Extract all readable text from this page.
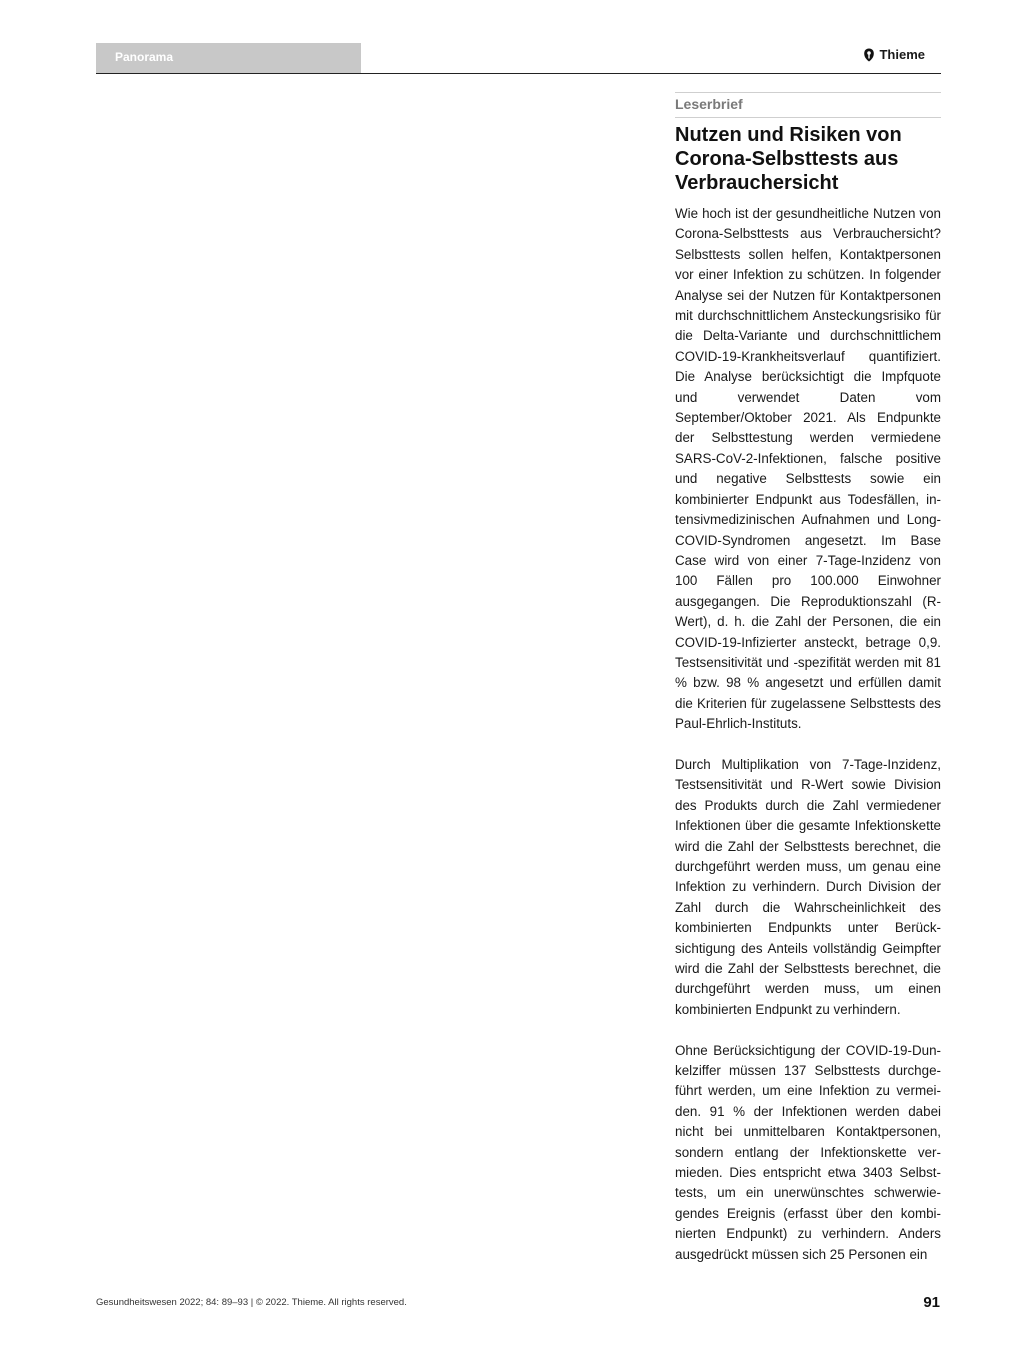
Panorama	Thieme
Leserbrief
Nutzen und Risiken von Corona-Selbsttests aus Verbrauchersicht

Wie hoch ist der gesundheitliche Nutzen von Corona-Selbsttests aus Verbrauchersicht? Selbsttests sollen helfen, Kontaktpersonen vor einer Infektion zu schützen. In folgender Analyse sei der Nutzen für Kontaktpersonen mit durchschnittlichem Ansteckungsrisiko für die Delta-Variante und durchschnittlichem COVID-19-Krankheitsverlauf quantifiziert. Die Analyse berücksichtigt die Impfquote und verwendet Daten vom September/Oktober 2021. Als Endpunkte der Selbsttestung werden vermiedene SARS-CoV-2-Infektionen, falsche positive und negative Selbsttests sowie ein kombinierter Endpunkt aus Todesfällen, intensivmedizinischen Aufnahmen und Long-COVID-Syndromen angesetzt. Im Base Case wird von einer 7-Tage-Inzidenz von 100 Fällen pro 100.000 Einwohner ausgegangen. Die Reproduktionszahl (R-Wert), d. h. die Zahl der Personen, die ein COVID-19-Infizierter ansteckt, betrage 0,9. Testsensitivität und -spezifität werden mit 81 % bzw. 98 % angesetzt und erfüllen damit die Kriterien für zugelassene Selbsttests des Paul-Ehrlich-Instituts.

Durch Multiplikation von 7-Tage-Inzidenz, Testsensitivität und R-Wert sowie Division des Produkts durch die Zahl vermiedener Infektionen über die gesamte Infektionskette wird die Zahl der Selbsttests berechnet, die durchgeführt werden muss, um genau eine Infektion zu verhindern. Durch Division der Zahl durch die Wahrscheinlichkeit des kombinierten Endpunkts unter Berücksichtigung des Anteils vollständig Geimpfter wird die Zahl der Selbsttests berechnet, die durchgeführt werden muss, um einen kombinierten Endpunkt zu verhindern.

Ohne Berücksichtigung der COVID-19-Dunkelziffer müssen 137 Selbsttests durchgeführt werden, um eine Infektion zu vermeiden. 91 % der Infektionen werden dabei nicht bei unmittelbaren Kontaktpersonen, sondern entlang der Infektionskette vermieden. Dies entspricht etwa 3403 Selbsttests, um ein unerwünschtes schwerwiegendes Ereignis (erfasst über den kombinierten Endpunkt) zu verhindern. Anders ausgedrückt müssen sich 25 Personen ein

Gesundheitswesen 2022; 84: 89–93 | © 2022. Thieme. All rights reserved.	91
